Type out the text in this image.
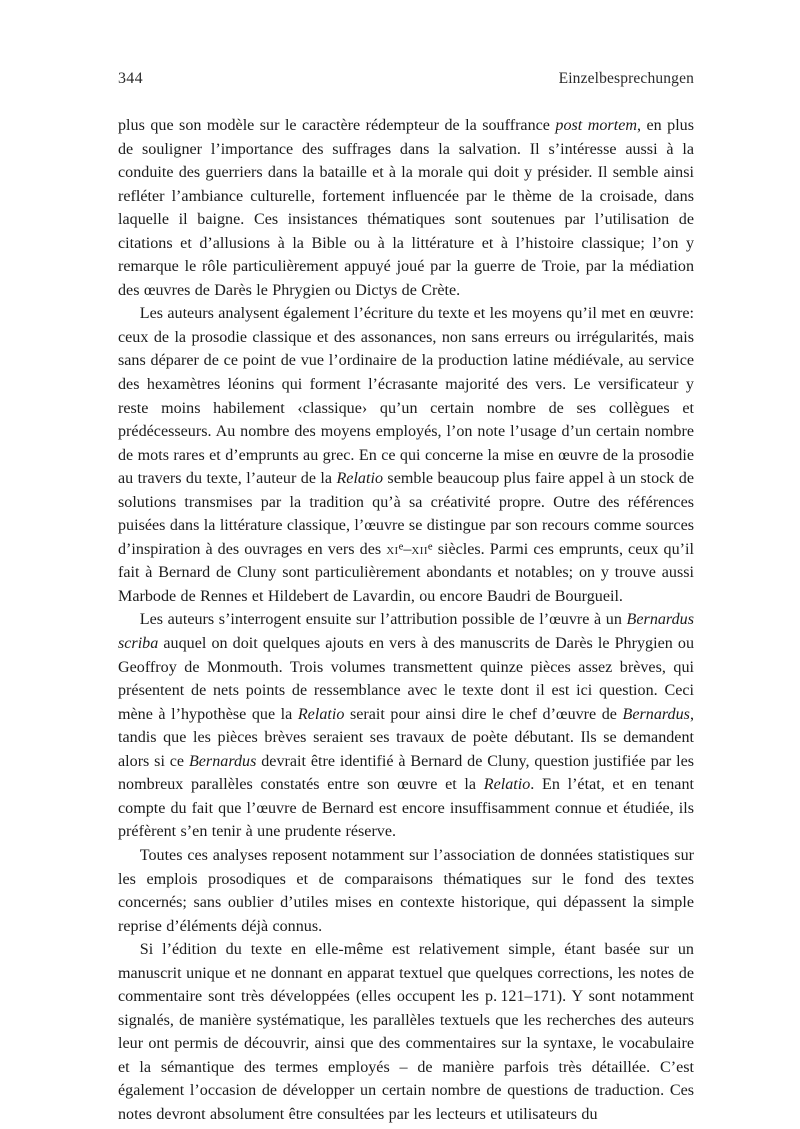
344	Einzelbesprechungen

plus que son modèle sur le caractère rédempteur de la souffrance post mortem, en plus de souligner l’importance des suffrages dans la salvation. Il s’intéresse aussi à la conduite des guerriers dans la bataille et à la morale qui doit y présider. Il semble ainsi refléter l’ambiance culturelle, fortement influencée par le thème de la croisade, dans laquelle il baigne. Ces insistances thématiques sont soutenues par l’utilisation de citations et d’allusions à la Bible ou à la littérature et à l’histoire classique; l’on y remarque le rôle particulièrement appuyé joué par la guerre de Troie, par la médiation des œuvres de Darès le Phrygien ou Dictys de Crète.

Les auteurs analysent également l’écriture du texte et les moyens qu’il met en œuvre: ceux de la prosodie classique et des assonances, non sans erreurs ou irrégularités, mais sans déparer de ce point de vue l’ordinaire de la production latine médiévale, au service des hexamètres léonins qui forment l’écrasante majorité des vers. Le versificateur y reste moins habilement ‹classique› qu’un certain nombre de ses collègues et prédécesseurs. Au nombre des moyens employés, l’on note l’usage d’un certain nombre de mots rares et d’emprunts au grec. En ce qui concerne la mise en œuvre de la prosodie au travers du texte, l’auteur de la Relatio semble beaucoup plus faire appel à un stock de solutions transmises par la tradition qu’à sa créativité propre. Outre des références puisées dans la littérature classique, l’œuvre se distingue par son recours comme sources d’inspiration à des ouvrages en vers des $xi^e-xii^e$ siècles. Parmi ces emprunts, ceux qu’il fait à Bernard de Cluny sont particulièrement abondants et notables; on y trouve aussi Marbode de Rennes et Hildebert de Lavardin, ou encore Baudri de Bourgueil.

Les auteurs s’interrogent ensuite sur l’attribution possible de l’œuvre à un Bernardus scriba auquel on doit quelques ajouts en vers à des manuscrits de Darès le Phrygien ou Geoffroy de Monmouth. Trois volumes transmettent quinze pièces assez brèves, qui présentent de nets points de ressemblance avec le texte dont il est ici question. Ceci mène à l’hypothèse que la Relatio serait pour ainsi dire le chef d’œuvre de Bernardus, tandis que les pièces brèves seraient ses travaux de poète débutant. Ils se demandent alors si ce Bernardus devrait être identifié à Bernard de Cluny, question justifiée par les nombreux parallèles constatés entre son œuvre et la Relatio. En l’état, et en tenant compte du fait que l’œuvre de Bernard est encore insuffisamment connue et étudiée, ils préfèrent s’en tenir à une prudente réserve.

Toutes ces analyses reposent notamment sur l’association de données statistiques sur les emplois prosodiques et de comparaisons thématiques sur le fond des textes concernés; sans oublier d’utiles mises en contexte historique, qui dépassent la simple reprise d’éléments déjà connus.

Si l’édition du texte en elle-même est relativement simple, étant basée sur un manuscrit unique et ne donnant en apparat textuel que quelques corrections, les notes de commentaire sont très développées (elles occupent les p. 121–171). Y sont notamment signalés, de manière systématique, les parallèles textuels que les recherches des auteurs leur ont permis de découvrir, ainsi que des commentaires sur la syntaxe, le vocabulaire et la sémantique des termes employés – de manière parfois très détaillée. C’est également l’occasion de développer un certain nombre de questions de traduction. Ces notes devront absolument être consultées par les lecteurs et utilisateurs du
